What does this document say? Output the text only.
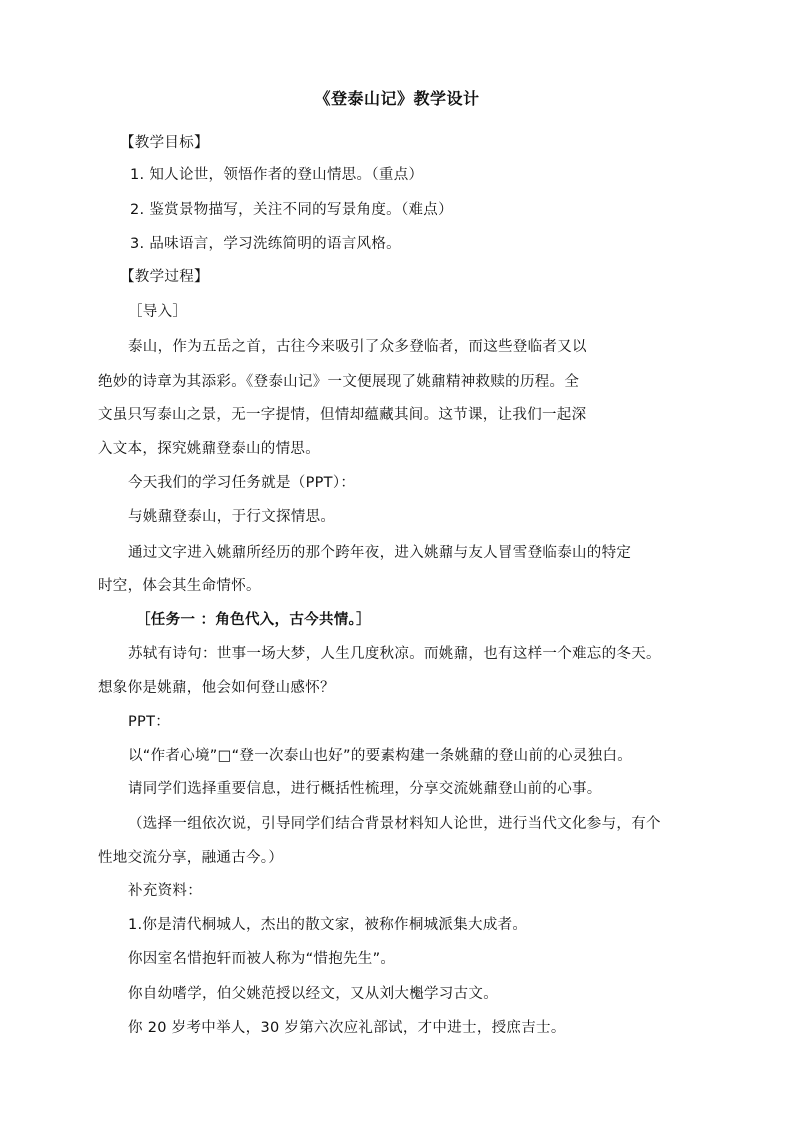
《登泰山记》教学设计
【教学目标】
1. 知人论世，领悟作者的登山情思。（重点）
2. 鉴赏景物描写，关注不同的写景角度。（难点）
3. 品味语言，学习洗练简明的语言风格。
【教学过程】
［导入］
泰山，作为五岳之首，古往今来吸引了众多登临者，而这些登临者又以
绝妙的诗章为其添彩。《登泰山记》一文便展现了姚鼐精神救赎的历程。全
文虽只写泰山之景，无一字提情，但情却蕴藏其间。这节课，让我们一起深
入文本，探究姚鼐登泰山的情思。
今天我们的学习任务就是（PPT）：
与姚鼐登泰山，于行文探情思。
通过文字进入姚鼐所经历的那个跨年夜，进入姚鼐与友人冒雪登临泰山的特定
时空，体会其生命情怀。
［任务一 ：角色代入，古今共情。］
苏轼有诗句：世事一场大梦，人生几度秋凉。而姚鼐，也有这样一个难忘的冬天。
想象你是姚鼐，他会如何登山感怀？
PPT：
以“作者心境”□“登一次泰山也好”的要素构建一条姚鼐的登山前的心灵独白。
请同学们选择重要信息，进行概括性梳理，分享交流姚鼐登山前的心事。
（选择一组依次说，引导同学们结合背景材料知人论世，进行当代文化参与，有个
性地交流分享，融通古今。）
补充资料：
1.你是清代桐城人，杰出的散文家，被称作桐城派集大成者。
你因室名惜抱轩而被人称为“惜抱先生”。
你自幼嗜学，伯父姚范授以经文，又从刘大櫆学习古文。
你 20 岁考中举人，30 岁第六次应礼部试，才中进士，授庶吉士。
